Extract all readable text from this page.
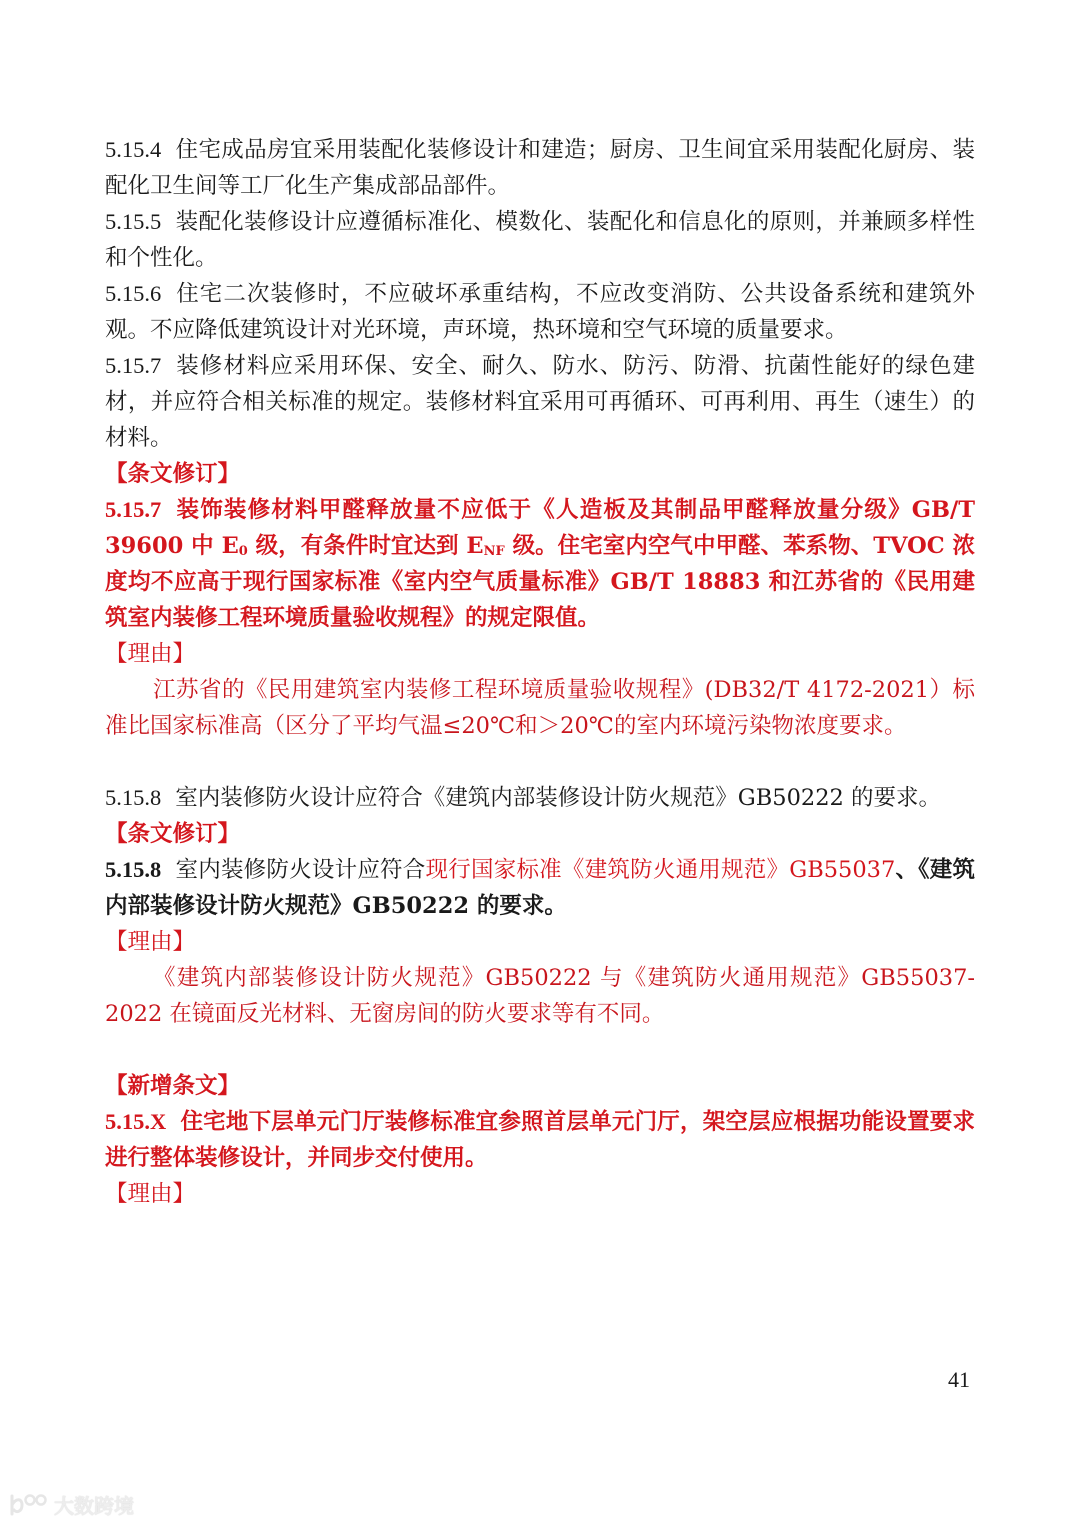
5.15.4 住宅成品房宜采用装配化装修设计和建造；厨房、卫生间宜采用装配化厨房、装配化卫生间等工厂化生产集成部品部件。

5.15.5 装配化装修设计应遵循标准化、模数化、装配化和信息化的原则，并兼顾多样性和个性化。

5.15.6 住宅二次装修时，不应破坏承重结构，不应改变消防、公共设备系统和建筑外观。不应降低建筑设计对光环境，声环境，热环境和空气环境的质量要求。

5.15.7 装修材料应采用环保、安全、耐久、防水、防污、防滑、抗菌性能好的绿色建材，并应符合相关标准的规定。装修材料宜采用可再循环、可再利用、再生（速生）的材料。

【条文修订】

5.15.7 装饰装修材料甲醛释放量不应低于《人造板及其制品甲醛释放量分级》GB/T 39600 中 $E_0$ 级，有条件时宜达到 $E_{NF}$ 级。住宅室内空气中甲醛、苯系物、TVOC 浓度均不应高于现行国家标准《室内空气质量标准》GB/T 18883 和江苏省的《民用建筑室内装修工程环境质量验收规程》的规定限值。

【理由】

江苏省的《民用建筑室内装修工程环境质量验收规程》(DB32/T 4172-2021）标准比国家标准高（区分了平均气温≤20℃和＞20℃的室内环境污染物浓度要求。

5.15.8 室内装修防火设计应符合《建筑内部装修设计防火规范》GB50222 的要求。

【条文修订】

5.15.8 室内装修防火设计应符合现行国家标准《建筑防火通用规范》GB55037、《建筑内部装修设计防火规范》GB50222 的要求。

【理由】

《建筑内部装修设计防火规范》GB50222 与《建筑防火通用规范》GB55037-2022 在镜面反光材料、无窗房间的防火要求等有不同。

【新增条文】

5.15.X 住宅地下层单元门厅装修标准宜参照首层单元门厅，架空层应根据功能设置要求进行整体装修设计，并同步交付使用。

【理由】

41
大数跨境
